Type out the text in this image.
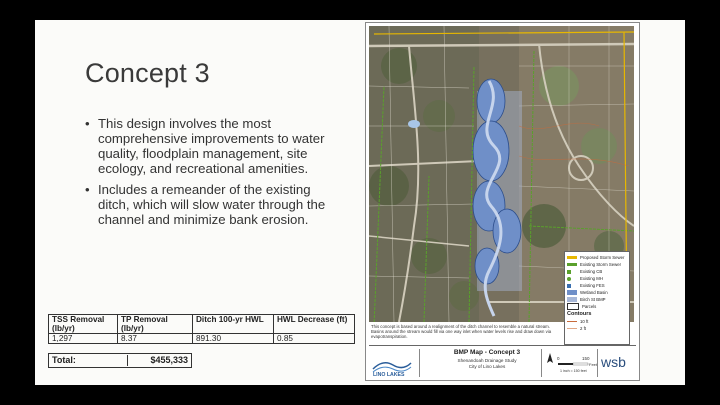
Concept 3
• This design involves the most comprehensive improvements to water quality, floodplain management, site ecology, and recreational amenities.
• Includes a remeander of the existing ditch, which will slow water through the channel and minimize bank erosion.
TSS Removal (lb/yr)	TP Removal (lb/yr)	Ditch 100-yr HWL	HWL Decrease (ft)
1,297	8.37	891.30	0.85
Total:	$455,333
Proposed Storm Sewer
Existing Storm Sewer
Existing CB
Existing MH
Existing FES
Wetland Basin
Birch St BMP
Parcels
Contours
10 ft
2 ft
This concept is based around a realignment of the ditch channel to resemble a natural stream. Basins around the stream would fill via one way inlet when water levels rise and draw down via evapotranspiration.
LINO LAKES
BMP Map - Concept 3
Shenandoah Drainage Study
City of Lino Lakes
0	150
Feet
1 inch = 150 feet
wsb
